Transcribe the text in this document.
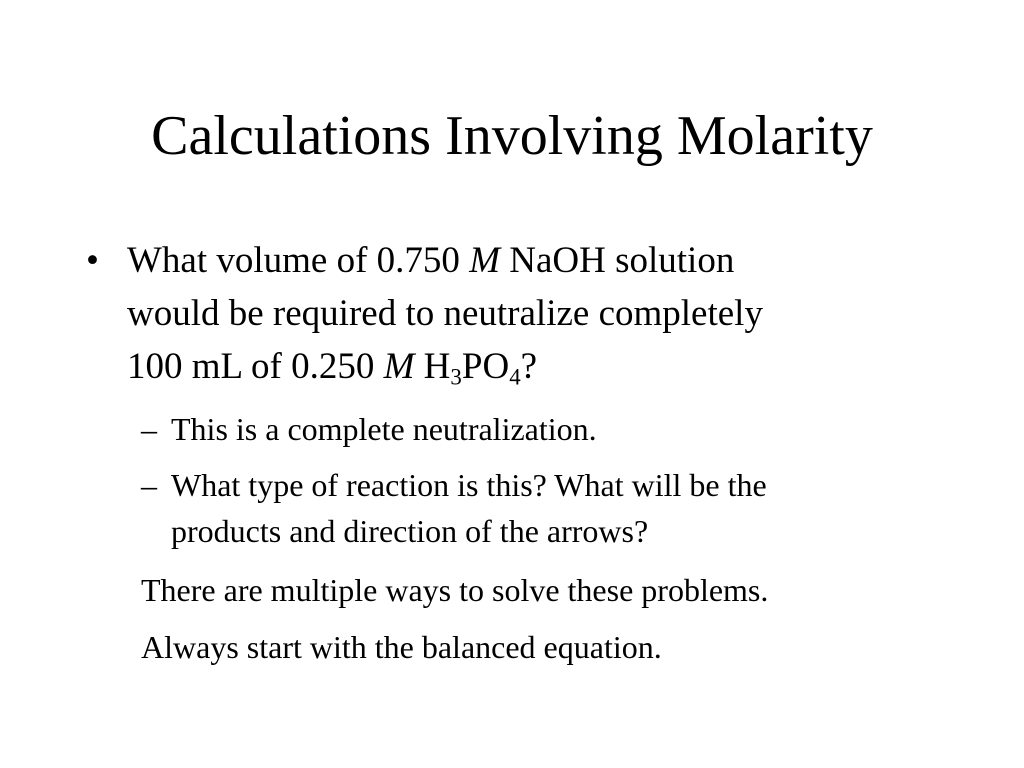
Calculations Involving Molarity
• What volume of 0.750 M NaOH solution
would be required to neutralize completely
100 mL of 0.250 M $H_3PO_4$?
– This is a complete neutralization.
– What type of reaction is this? What will be the
products and direction of the arrows?
There are multiple ways to solve these problems.
Always start with the balanced equation.
